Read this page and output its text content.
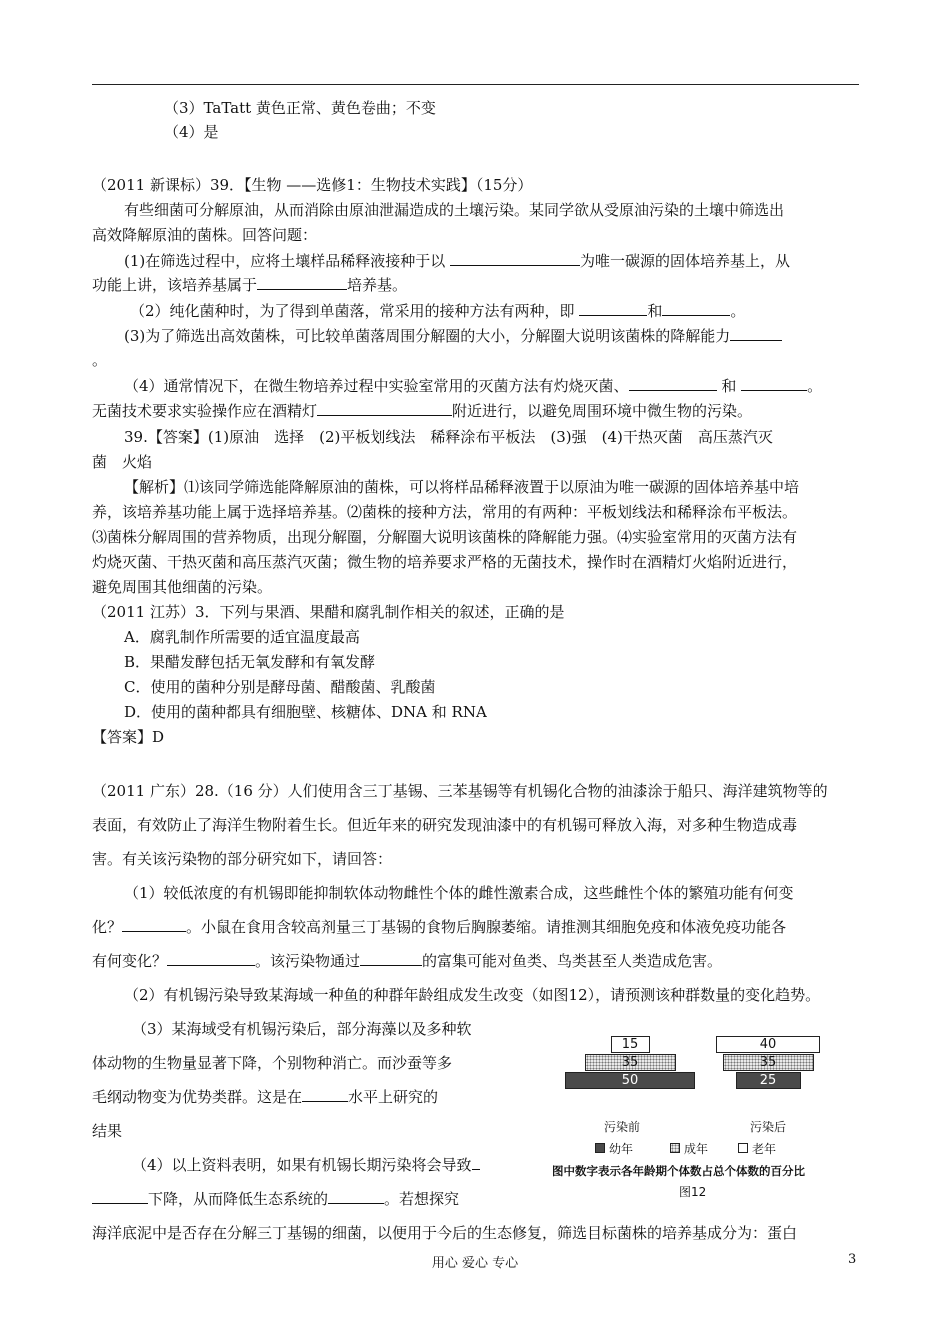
（3）TaTatt 黄色正常、黄色卷曲；不变
（4）是
（2011 新课标）39．【生物 ——选修1：生物技术实践】（15分）
有些细菌可分解原油，从而消除由原油泄漏造成的土壤污染。某同学欲从受原油污染的土壤中筛选出
高效降解原油的菌株。回答问题：
(1)在筛选过程中，应将土壤样品稀释液接种于以	为唯一碳源的固体培养基上，从
功能上讲，该培养基属于	培养基。
（2）纯化菌种时，为了得到单菌落，常采用的接种方法有两种，即	和	。
(3)为了筛选出高效菌株，可比较单菌落周围分解圈的大小，分解圈大说明该菌株的降解能力
。
（4）通常情况下，在微生物培养过程中实验室常用的灭菌方法有灼烧灭菌、	和	。
无菌技术要求实验操作应在酒精灯	附近进行，以避免周围环境中微生物的污染。
39.【答案】(1)原油　选择　(2)平板划线法　稀释涂布平板法　(3)强　(4)干热灭菌　高压蒸汽灭
菌　火焰
【解析】⑴该同学筛选能降解原油的菌株，可以将样品稀释液置于以原油为唯一碳源的固体培养基中培
养，该培养基功能上属于选择培养基。⑵菌株的接种方法，常用的有两种：平板划线法和稀释涂布平板法。
⑶菌株分解周围的营养物质，出现分解圈，分解圈大说明该菌株的降解能力强。⑷实验室常用的灭菌方法有
灼烧灭菌、干热灭菌和高压蒸汽灭菌；微生物的培养要求严格的无菌技术，操作时在酒精灯火焰附近进行，
避免周围其他细菌的污染。
（2011 江苏）3．下列与果酒、果醋和腐乳制作相关的叙述，正确的是
A．腐乳制作所需要的适宜温度最高
B．果醋发酵包括无氧发酵和有氧发酵
C．使用的菌种分别是酵母菌、醋酸菌、乳酸菌
D．使用的菌种都具有细胞壁、核糖体、DNA 和 RNA
【答案】D
（2011 广东）28.（16 分）人们使用含三丁基锡、三苯基锡等有机锡化合物的油漆涂于船只、海洋建筑物等的
表面，有效防止了海洋生物附着生长。但近年来的研究发现油漆中的有机锡可释放入海，对多种生物造成毒
害。有关该污染物的部分研究如下，请回答：
（1）较低浓度的有机锡即能抑制软体动物雌性个体的雌性激素合成，这些雌性个体的繁殖功能有何变
化？	。小鼠在食用含较高剂量三丁基锡的食物后胸腺萎缩。请推测其细胞免疫和体液免疫功能各
有何变化？	。该污染物通过	的富集可能对鱼类、鸟类甚至人类造成危害。
（2）有机锡污染导致某海域一种鱼的种群年龄组成发生改变（如图12），请预测该种群数量的变化趋势。
（3）某海域受有机锡污染后，部分海藻以及多种软
体动物的生物量显著下降，个别物种消亡。而沙蚕等多
毛纲动物变为优势类群。这是在	水平上研究的
结果
（4）以上资料表明，如果有机锡长期污染将会导致
下降，从而降低生态系统的	。若想探究
海洋底泥中是否存在分解三丁基锡的细菌，以便用于今后的生态修复，筛选目标菌株的培养基成分为：蛋白
15
35
50
40
35
25
污染前	污染后
幼年	成年	老年
图中数字表示各年龄期个体数占总个体数的百分比
图12
用心 爱心 专心	3
